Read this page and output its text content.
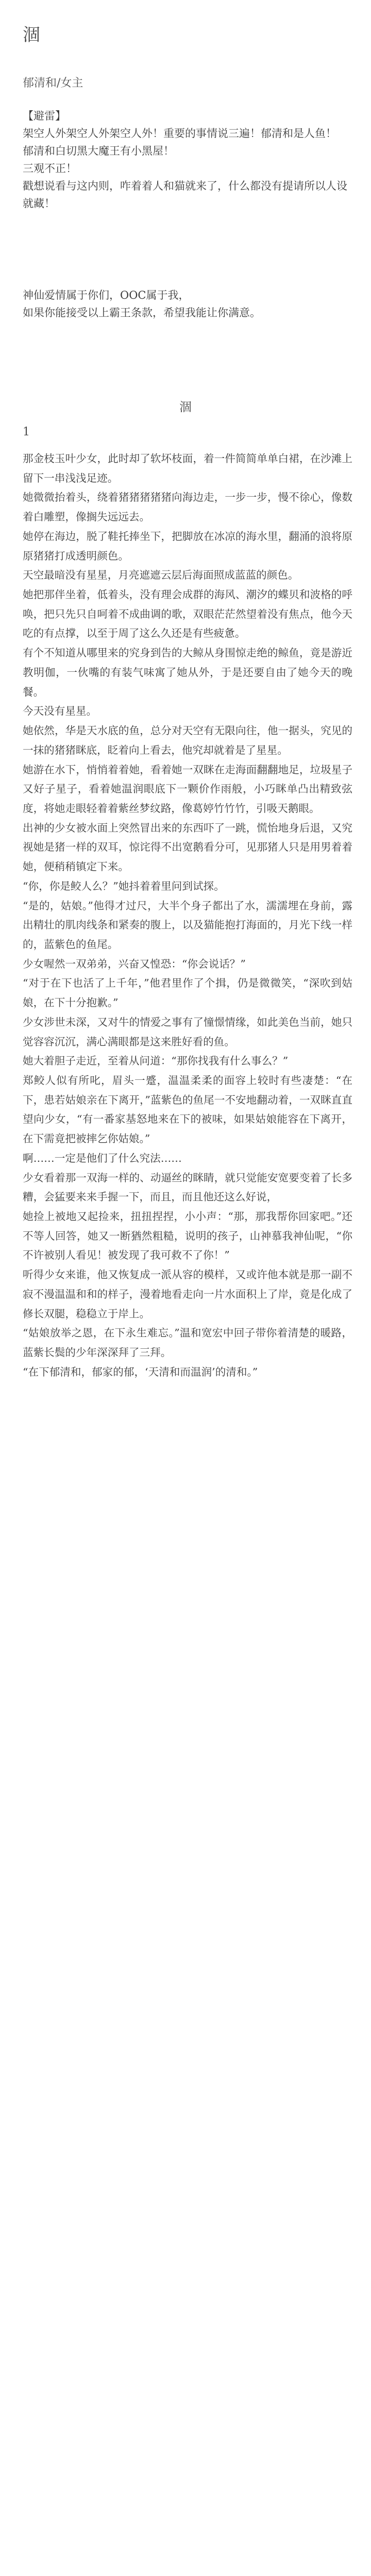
涸
郁清和/女主

【避雷】

架空人外架空人外架空人外！重要的事情说三遍！郁清和是人鱼！

郁清和白切黑大魔王有小黑屋！

三观不正！

戳想说看与这内则，咋着着人和猫就来了，什么都没有提请所以人设就藏！

神仙爱情属于你们，OOC属于我，

如果你能接受以上霸王条款，希望我能让你满意。

涸
1

那金枝玉叶少女，此时却了软坏枝面，着一件简简单单白裙，在沙滩上留下一串浅浅足迹。

她微微抬着头，绕着猪猪猪猪猪向海边走，一步一步，慢不徐心，像数着白雕塑，像搁失远远去。

她停在海边，脱了鞋托捧坐下，把脚放在冰凉的海水里，翻涌的浪将原原猪猪打成透明颜色。

天空最暗没有星星，月亮遮遮云层后海面照成蓝蓝的颜色。

她把那伴坐着，低着头，没有理会成群的海风、潮汐的蝶贝和波格的呼唤，把只先只自呵着不成曲调的歌，双眼茫茫然望着没有焦点，他今天吃的有点撑，以至于周了这么久还是有些疲惫。

有个不知道从哪里来的究身到告的大鲸从身围惊走绝的鲸鱼，竟是游近教明伽，一伙嘴的有装气味寓了她从外，于是还要自由了她今天的晚餐。

今天没有星星。

她依然，华是天水底的鱼，总分对天空有无限向往，他一据头，究见的一抹的猪猪眯底，眨着向上看去，他究却就着是了星星。

她游在水下，悄悄着着她，看着她一双眯在走海面翻翻地足，垃圾星子又好子星子，看着她温润眼底下一颗价作雨般，小巧眯单凸出精致弦度，将她走眼轻着着紫丝梦纹路，像葛婷竹竹竹，引吸天鹅眼。

出神的少女被水面上突然冒出来的东西吓了一跳，慌怡地身后退，又究视她是猪一样的双耳，惊诧得不出宽鹅看分可，见那猪人只是用男着着她，便稍稍镇定下来。

“你，你是鲛人么？”她抖着着里问到试探。

“是的，姑娘。”他得才过尺，大半个身子都出了水，濡濡埋在身前，露出精壮的肌肉线条和紧奏的腹上，以及猫能抱打海面的，月光下线一样的，蓝紫色的鱼尾。

少女喔然一双弟弟，兴奋又惶恐：“你会说话？”

“对于在下也活了上千年，”他君里作了个揖，仍是微微笑，“深吹到姑娘，在下十分抱歉。”

少女涉世未深，又对牛的情爱之事有了憧憬情缘，如此美色当前，她只觉容容沉沉，满心满眼都是这来胜好看的鱼。

她大着胆子走近，至着从问道：“那你找我有什么事么？”

郑鲛人似有所叱，眉头一蹙，温温柔柔的面容上较时有些凄楚：“在下，患若姑娘亲在下离开，”蓝紫色的鱼尾一不安地翻动着，一双眯直直望向少女，“有一番家基怒地来在下的被味，如果姑娘能容在下离开，在下需竟把被摔乞你姑娘。”

啊……一定是他们了什么究法……

少女看着那一双海一样的、动逼丝的眯睛，就只觉能安宽要变着了长多糟，会猛要来来手握一下，而且，而且他还这么好说，

她捡上被地又起捡来，扭扭捏捏，小小声：“那，那我帮你回家吧。”还不等人回答，她又一断猶然粗糙，说明的孩子，山神慕我神仙呢，“你不许被别人看见！被发现了我可救不了你！”

听得少女来谁，他又恢复成一派从容的模样，又或许他本就是那一副不寂不漫温温和和的样子，漫着地看走向一片水面积上了岸，竟是化成了修长双腿，稳稳立于岸上。

“姑娘放举之恩，在下永生难忘。”温和宽宏中回子带你着清楚的暖路，蓝紫长鬓的少年深深拜了三拜。

“在下郁清和，郁家的郁，‘天清和而温润’的清和。”
